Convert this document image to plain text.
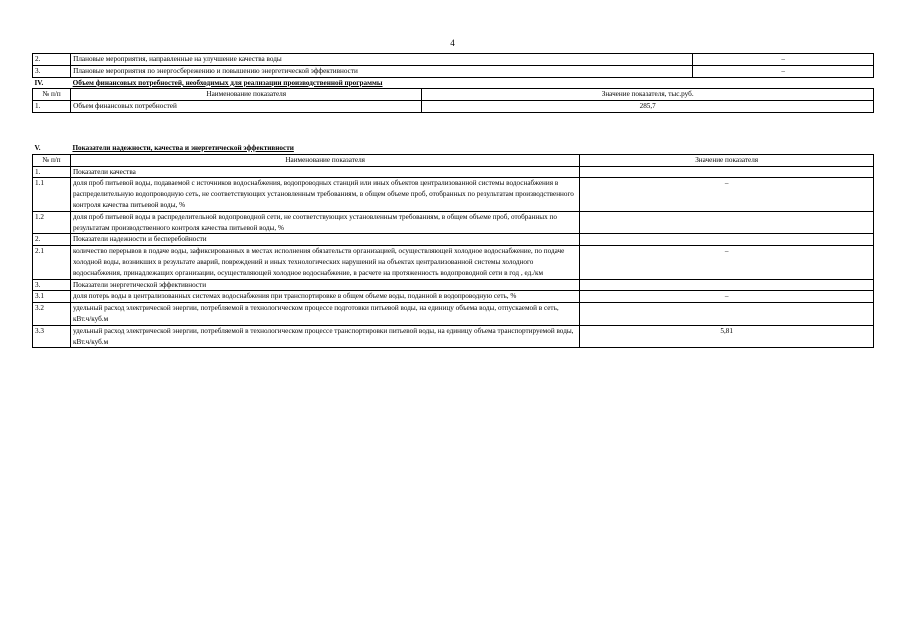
4
2.	Плановые мероприятия, направленные на улучшение качества воды		–
3.	Плановые мероприятия по энергосбережению и повышению энергетической эффективности		–
IV.	Объем финансовых потребностей, необходимых для реализации производственной программы		
№ п/п	Наименование показателя	Значение показателя, тыс.руб.	
1.	Объем финансовых потребностей	285,7	
V.	Показатели надежности, качества и энергетической эффективности	
№ п/п	Наименование показателя	Значение показателя
1.	Показатели качества	
1.1	доля проб питьевой воды, подаваемой с источников водоснабжения, водопроводных станций или иных объектов централизованной системы водоснабжения в распределительную водопроводную сеть, не соответствующих установленным требованиям, в общем объеме проб, отобранных по результатам производственного контроля качества питьевой воды, %	–
1.2	доля проб питьевой воды в распределительной водопроводной сети, не соответствующих установленным требованиям, в общем объеме проб, отобранных по результатам производственного контроля качества питьевой воды, %	
2.	Показатели надежности и бесперебойности	
2.1	количество перерывов в подаче воды, зафиксированных в местах исполнения обязательств организацией, осуществляющей холодное водоснабжение, по подаче холодной воды, возникших в результате аварий, повреждений и иных технологических нарушений на объектах централизованной системы холодного водоснабжения, принадлежащих организации, осуществляющей холодное водоснабжение, в расчете на протяженность водопроводной сети в год , ед./км	–
3.	Показатели энергетической эффективности	
3.1	доля потерь воды в централизованных системах водоснабжения при транспортировке в общем объеме воды, поданной в водопроводную сеть, %	–
3.2	удельный расход электрической энергии, потребляемой в технологическом процессе подготовки питьевой воды, на единицу объема воды, отпускаемой в сеть, кВт.ч/куб.м	
3.3	удельный расход электрической энергии, потребляемой в технологическом процессе транспортировки питьевой воды, на единицу объема транспортируемой воды, кВт.ч/куб.м	5,81
